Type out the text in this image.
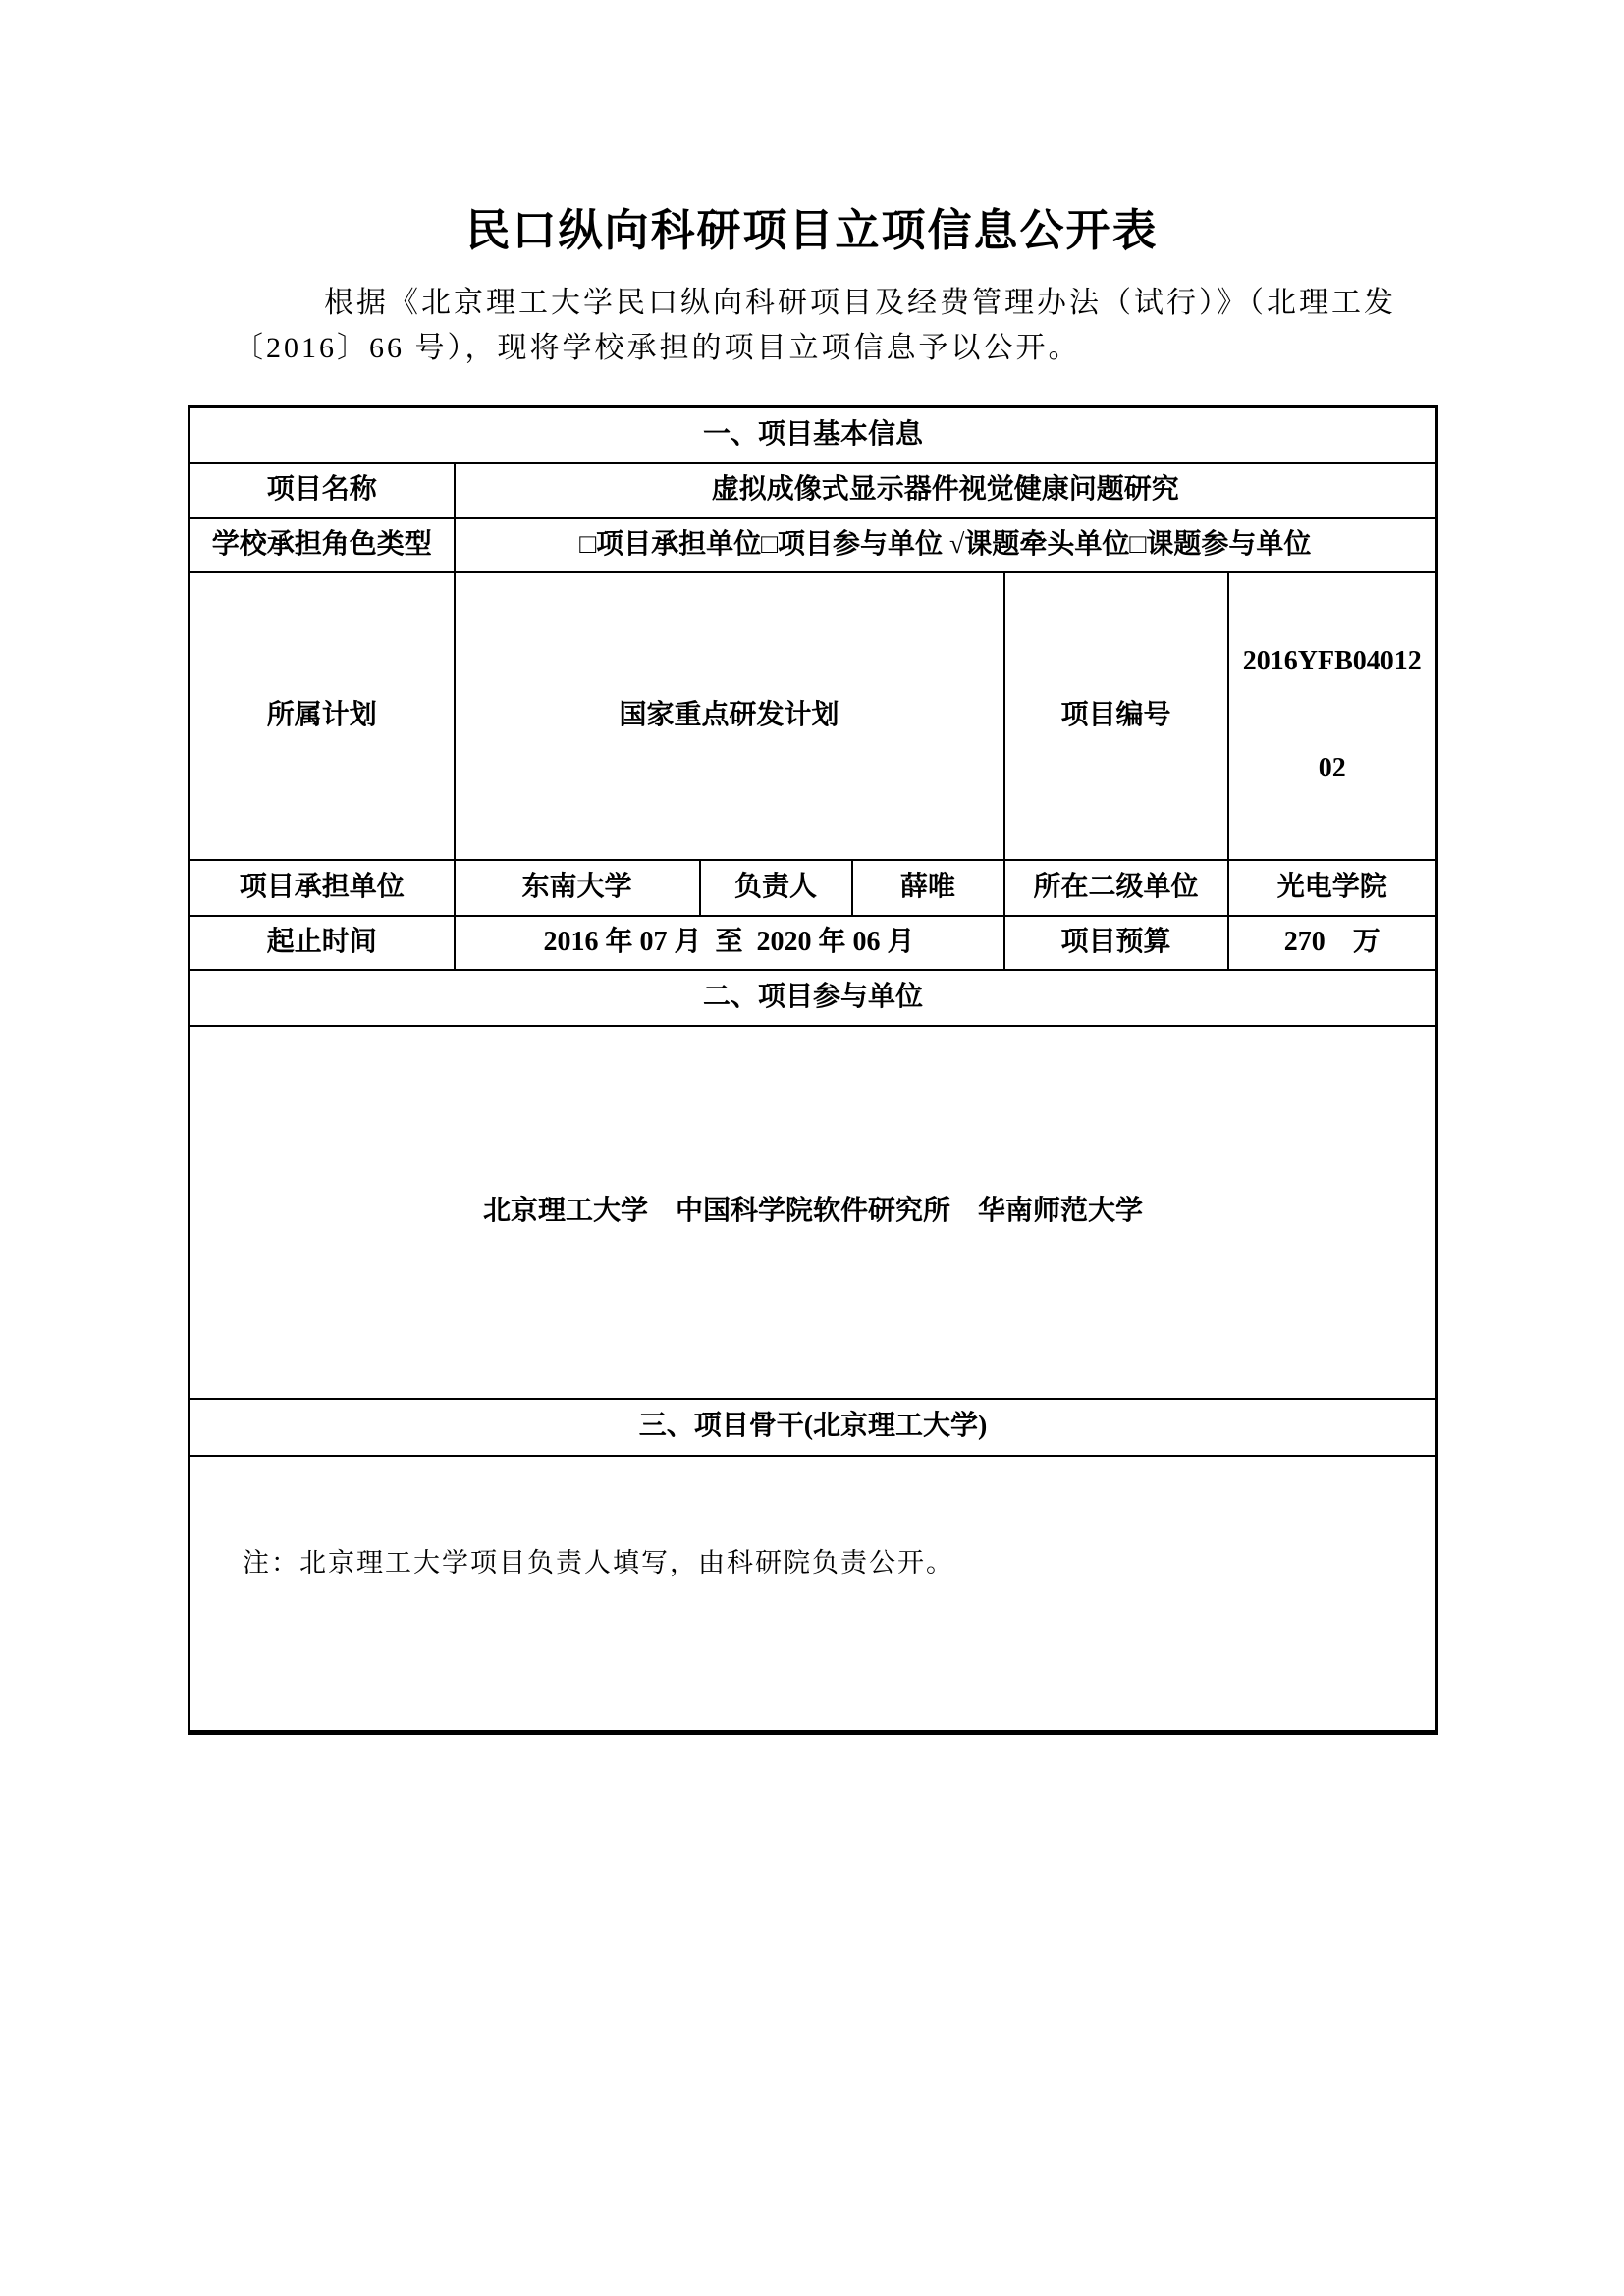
民口纵向科研项目立项信息公开表
根据《北京理工大学民口纵向科研项目及经费管理办法（试行）》（北理工发
〔2016〕66 号），现将学校承担的项目立项信息予以公开。
一、项目基本信息					
项目名称	虚拟成像式显示器件视觉健康问题研究				
学校承担角色类型	□项目承担单位□项目参与单位 √课题牵头单位□课题参与单位				
所属计划	国家重点研发计划			项目编号	2016YFB04012

02

项目承担单位	东南大学	负责人	薛唯	所在二级单位	光电学院
起止时间	2016 年 07 月  至  2020 年 06 月			项目预算	270    万
二、项目参与单位					
北京理工大学    中国科学院软件研究所    华南师范大学					
三、项目骨干(北京理工大学)					

注：北京理工大学项目负责人填写，由科研院负责公开。
